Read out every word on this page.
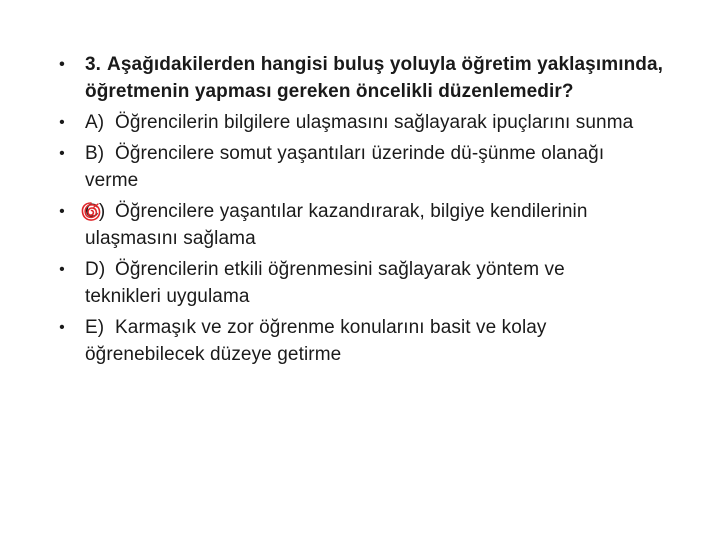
• 3. Aşağıdakilerden hangisi buluş yoluyla öğretim yaklaşımında,
öğretmenin yapması gereken öncelikli düzenlemedir?
• A) Öğrencilerin bilgilere ulaşmasını sağlayarak ipuçlarını sunma
• B) Öğrencilere somut yaşantıları üzerinde dü-şünme olanağı
verme
• C) Öğrencilere yaşantılar kazandırarak, bilgiye kendilerinin
ulaşmasını sağlama
• D) Öğrencilerin etkili öğrenmesini sağlayarak yöntem ve
teknikleri uygulama
• E) Karmaşık ve zor öğrenme konularını basit ve kolay
öğrenebilecek düzeye getirme
